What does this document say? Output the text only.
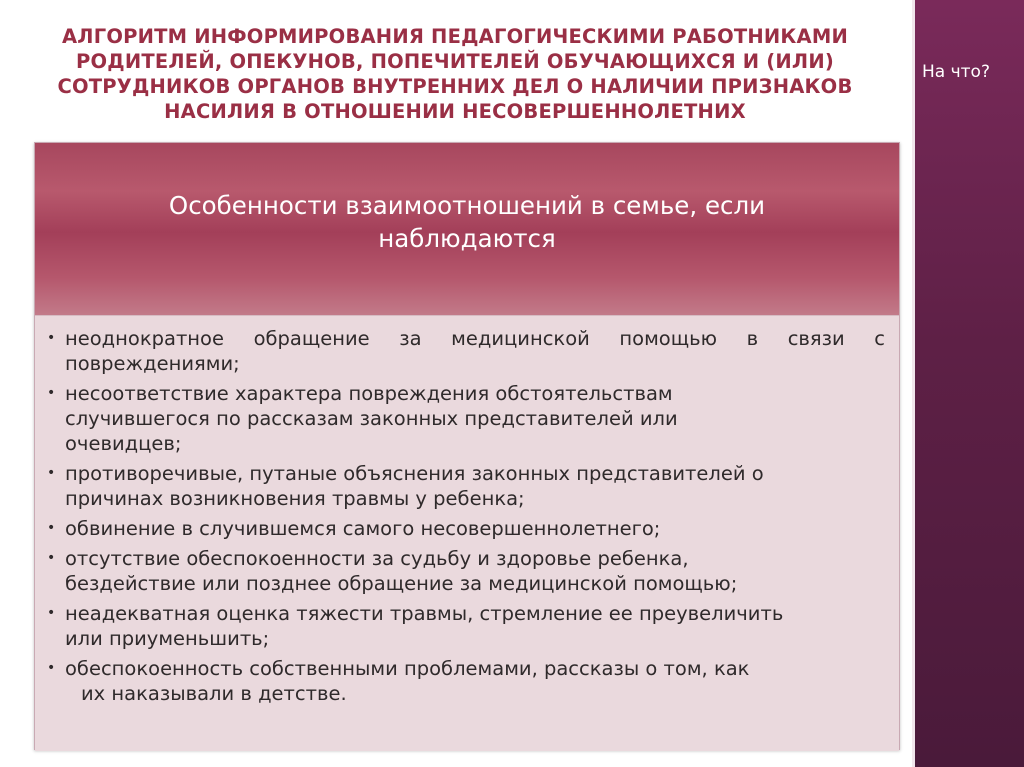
АЛГОРИТМ ИНФОРМИРОВАНИЯ ПЕДАГОГИЧЕСКИМИ РАБОТНИКАМИ
РОДИТЕЛЕЙ, ОПЕКУНОВ, ПОПЕЧИТЕЛЕЙ ОБУЧАЮЩИХСЯ И (ИЛИ)
СОТРУДНИКОВ ОРГАНОВ ВНУТРЕННИХ ДЕЛ О НАЛИЧИИ ПРИЗНАКОВ
НАСИЛИЯ В ОТНОШЕНИИ НЕСОВЕРШЕННОЛЕТНИХ
На что?
Особенности взаимоотношений в семье, если
наблюдаются
• неоднократное обращение за медицинской помощью в связи с
повреждениями;
• несоответствие характера повреждения обстоятельствам
случившегося по рассказам законных представителей или
очевидцев;
• противоречивые, путаные объяснения законных представителей о
причинах возникновения травмы у ребенка;
• обвинение в случившемся самого несовершеннолетнего;
• отсутствие обеспокоенности за судьбу и здоровье ребенка,
бездействие или позднее обращение за медицинской помощью;
• неадекватная оценка тяжести травмы, стремление ее преувеличить
или приуменьшить;
• обеспокоенность собственными проблемами, рассказы о том, как
их наказывали в детстве.
